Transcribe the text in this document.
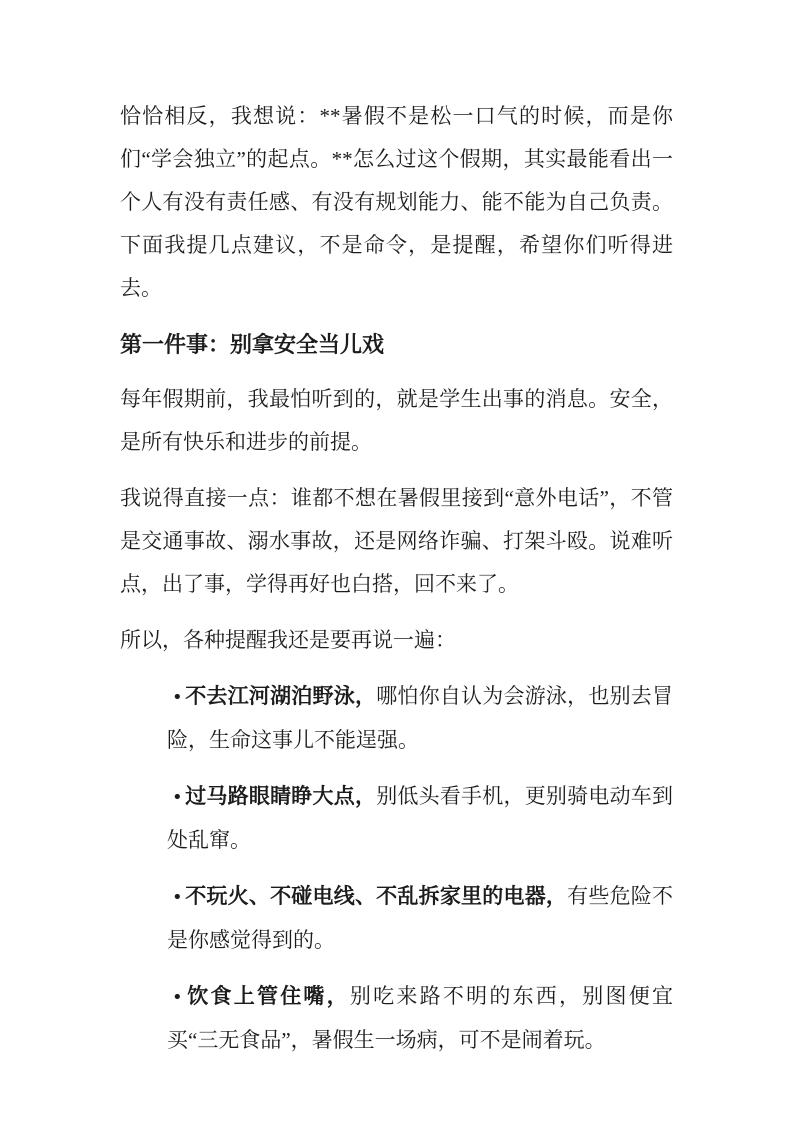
恰恰相反，我想说：**暑假不是松一口气的时候，而是你们“学会独立”的起点。**怎么过这个假期，其实最能看出一个人有没有责任感、有没有规划能力、能不能为自己负责。下面我提几点建议，不是命令，是提醒，希望你们听得进去。

第一件事：别拿安全当儿戏

每年假期前，我最怕听到的，就是学生出事的消息。安全，是所有快乐和进步的前提。

我说得直接一点：谁都不想在暑假里接到“意外电话”，不管是交通事故、溺水事故，还是网络诈骗、打架斗殴。说难听点，出了事，学得再好也白搭，回不来了。

所以，各种提醒我还是要再说一遍：

• 不去江河湖泊野泳，哪怕你自认为会游泳，也别去冒险，生命这事儿不能逞强。
• 过马路眼睛睁大点，别低头看手机，更别骑电动车到处乱窜。
• 不玩火、不碰电线、不乱拆家里的电器，有些危险不是你感觉得到的。
• 饮食上管住嘴，别吃来路不明的东西，别图便宜买“三无食品”，暑假生一场病，可不是闹着玩。
